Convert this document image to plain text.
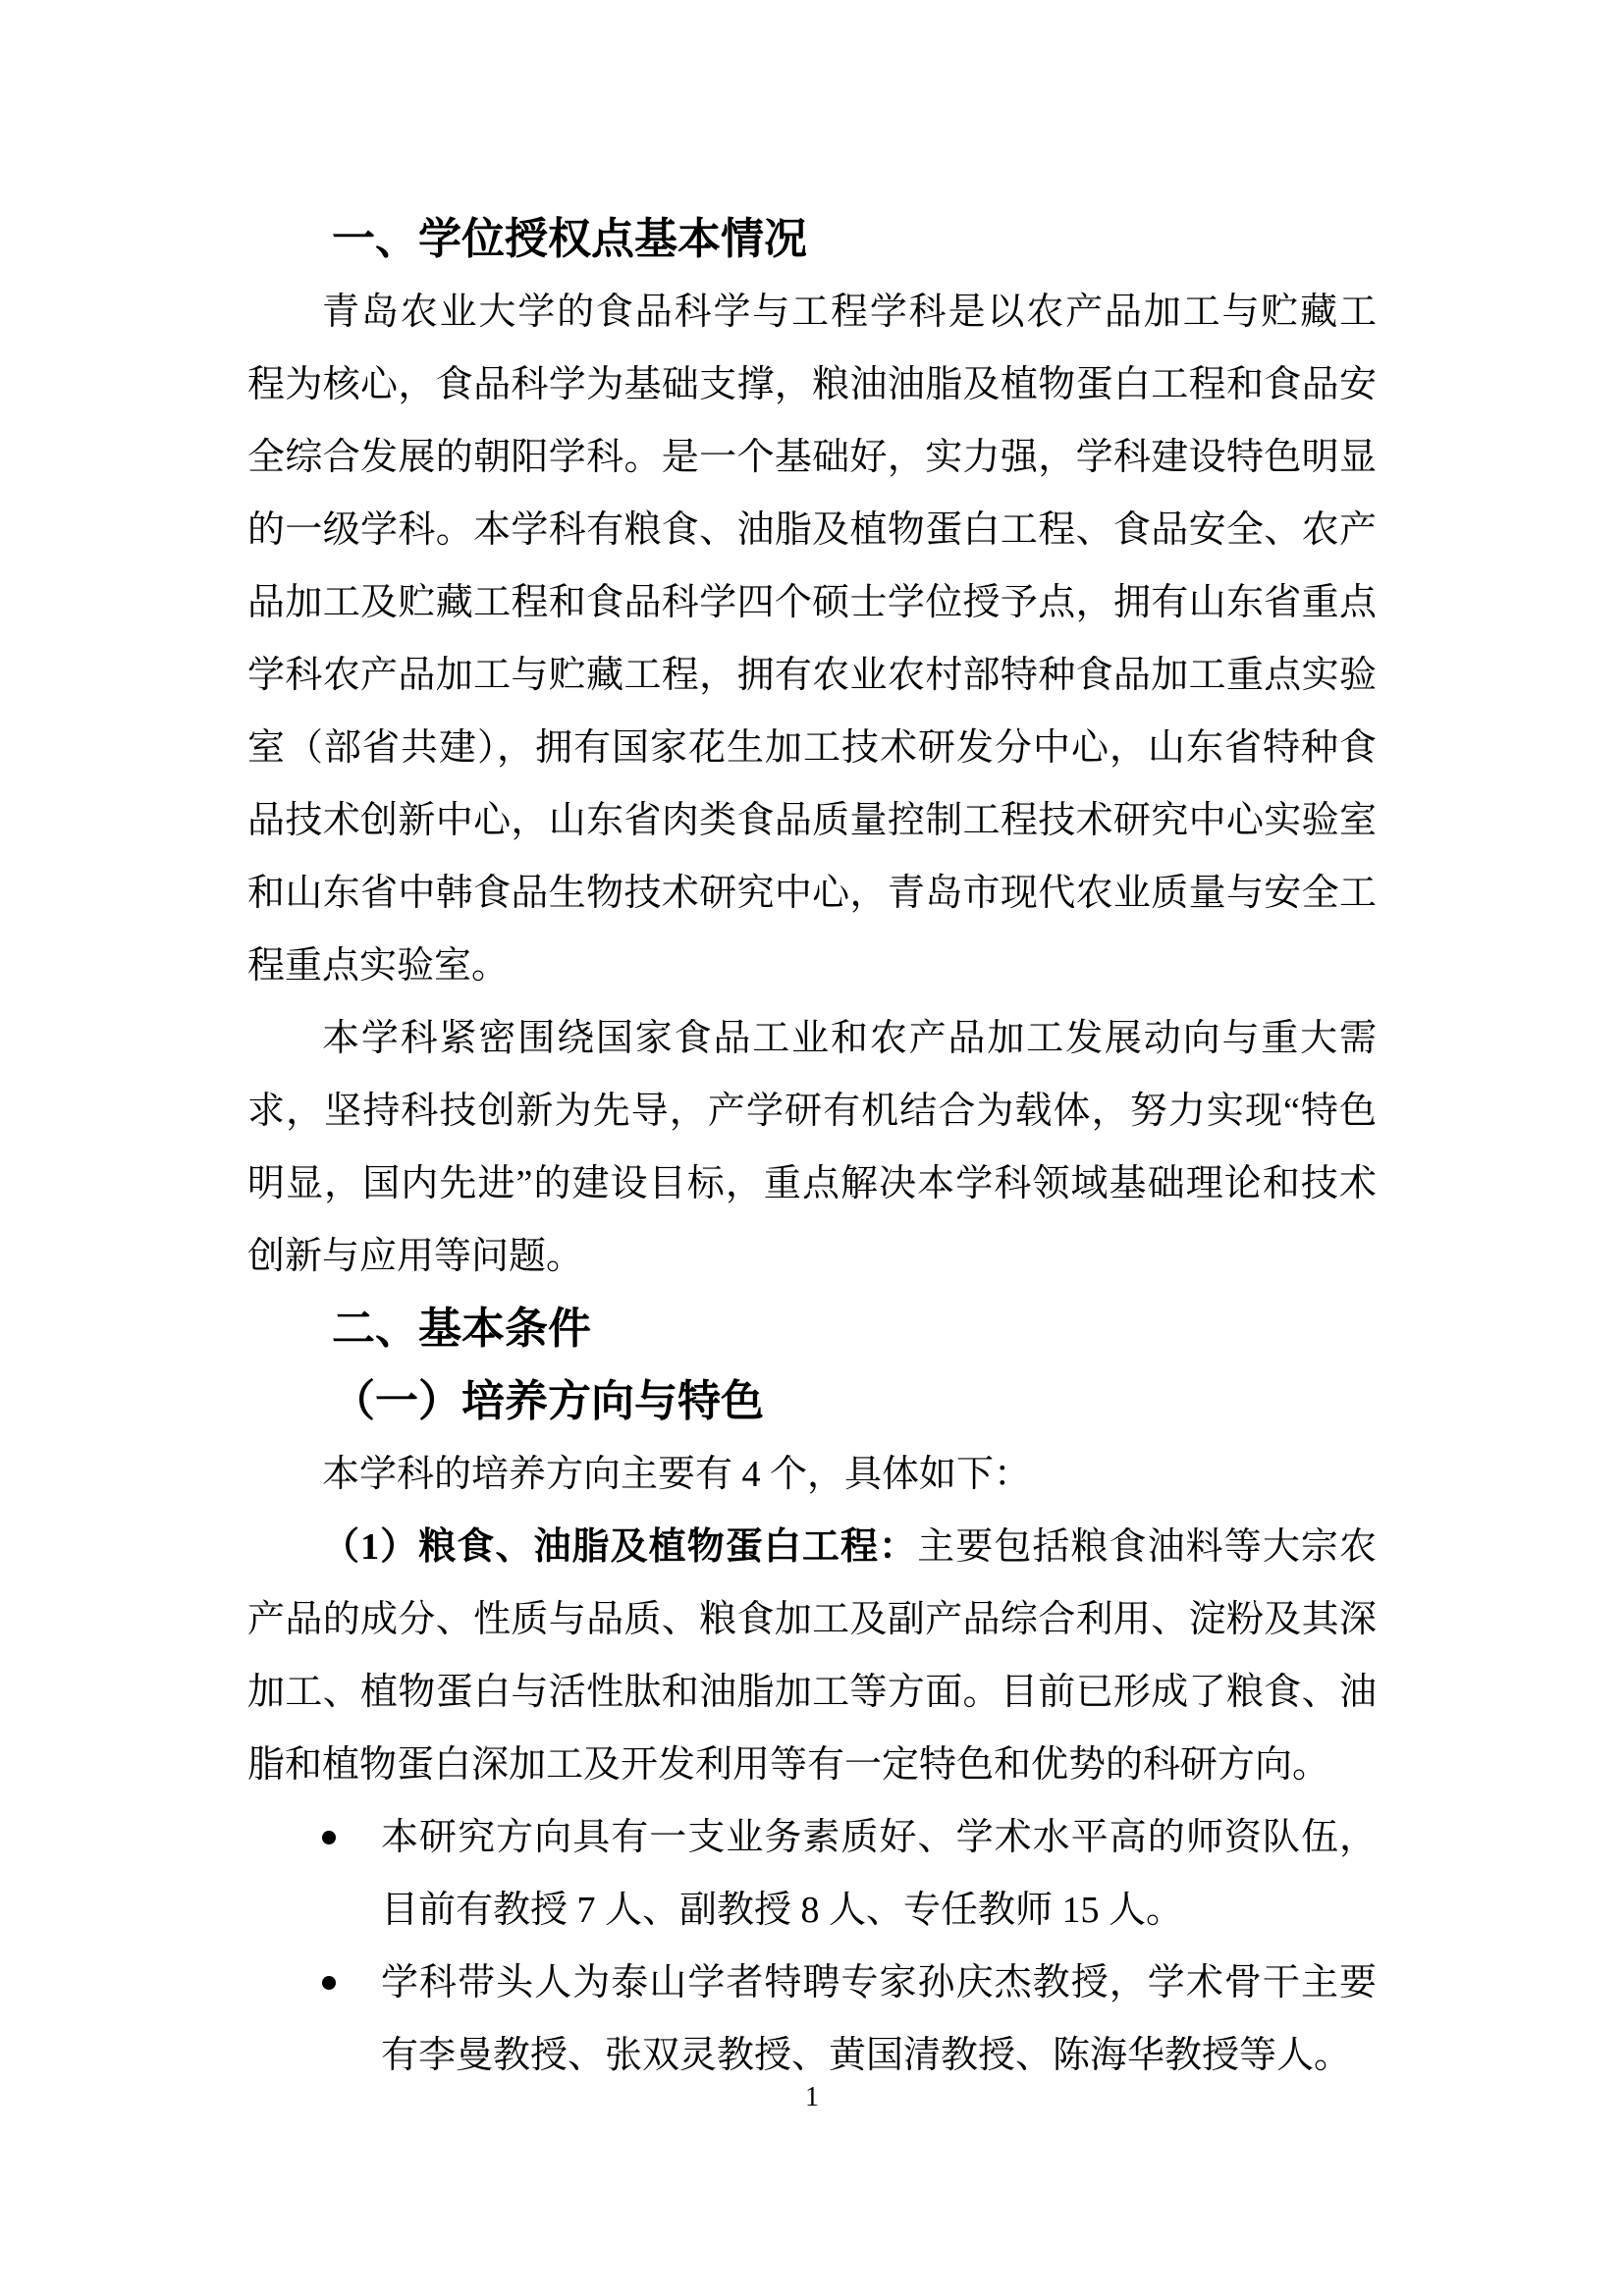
一、学位授权点基本情况
青岛农业大学的食品科学与工程学科是以农产品加工与贮藏工
程为核心，食品科学为基础支撑，粮油油脂及植物蛋白工程和食品安
全综合发展的朝阳学科。是一个基础好，实力强，学科建设特色明显
的一级学科。本学科有粮食、油脂及植物蛋白工程、食品安全、农产
品加工及贮藏工程和食品科学四个硕士学位授予点，拥有山东省重点
学科农产品加工与贮藏工程，拥有农业农村部特种食品加工重点实验
室（部省共建），拥有国家花生加工技术研发分中心，山东省特种食
品技术创新中心，山东省肉类食品质量控制工程技术研究中心实验室
和山东省中韩食品生物技术研究中心，青岛市现代农业质量与安全工
程重点实验室。
本学科紧密围绕国家食品工业和农产品加工发展动向与重大需
求，坚持科技创新为先导，产学研有机结合为载体，努力实现“特色
明显，国内先进”的建设目标，重点解决本学科领域基础理论和技术
创新与应用等问题。
二、基本条件
（一）培养方向与特色
本学科的培养方向主要有 4 个，具体如下：
（1）粮食、油脂及植物蛋白工程：主要包括粮食油料等大宗农
产品的成分、性质与品质、粮食加工及副产品综合利用、淀粉及其深
加工、植物蛋白与活性肽和油脂加工等方面。目前已形成了粮食、油
脂和植物蛋白深加工及开发利用等有一定特色和优势的科研方向。
本研究方向具有一支业务素质好、学术水平高的师资队伍，
目前有教授 7 人、副教授 8 人、专任教师 15 人。
学科带头人为泰山学者特聘专家孙庆杰教授，学术骨干主要
有李曼教授、张双灵教授、黄国清教授、陈海华教授等人。
1
